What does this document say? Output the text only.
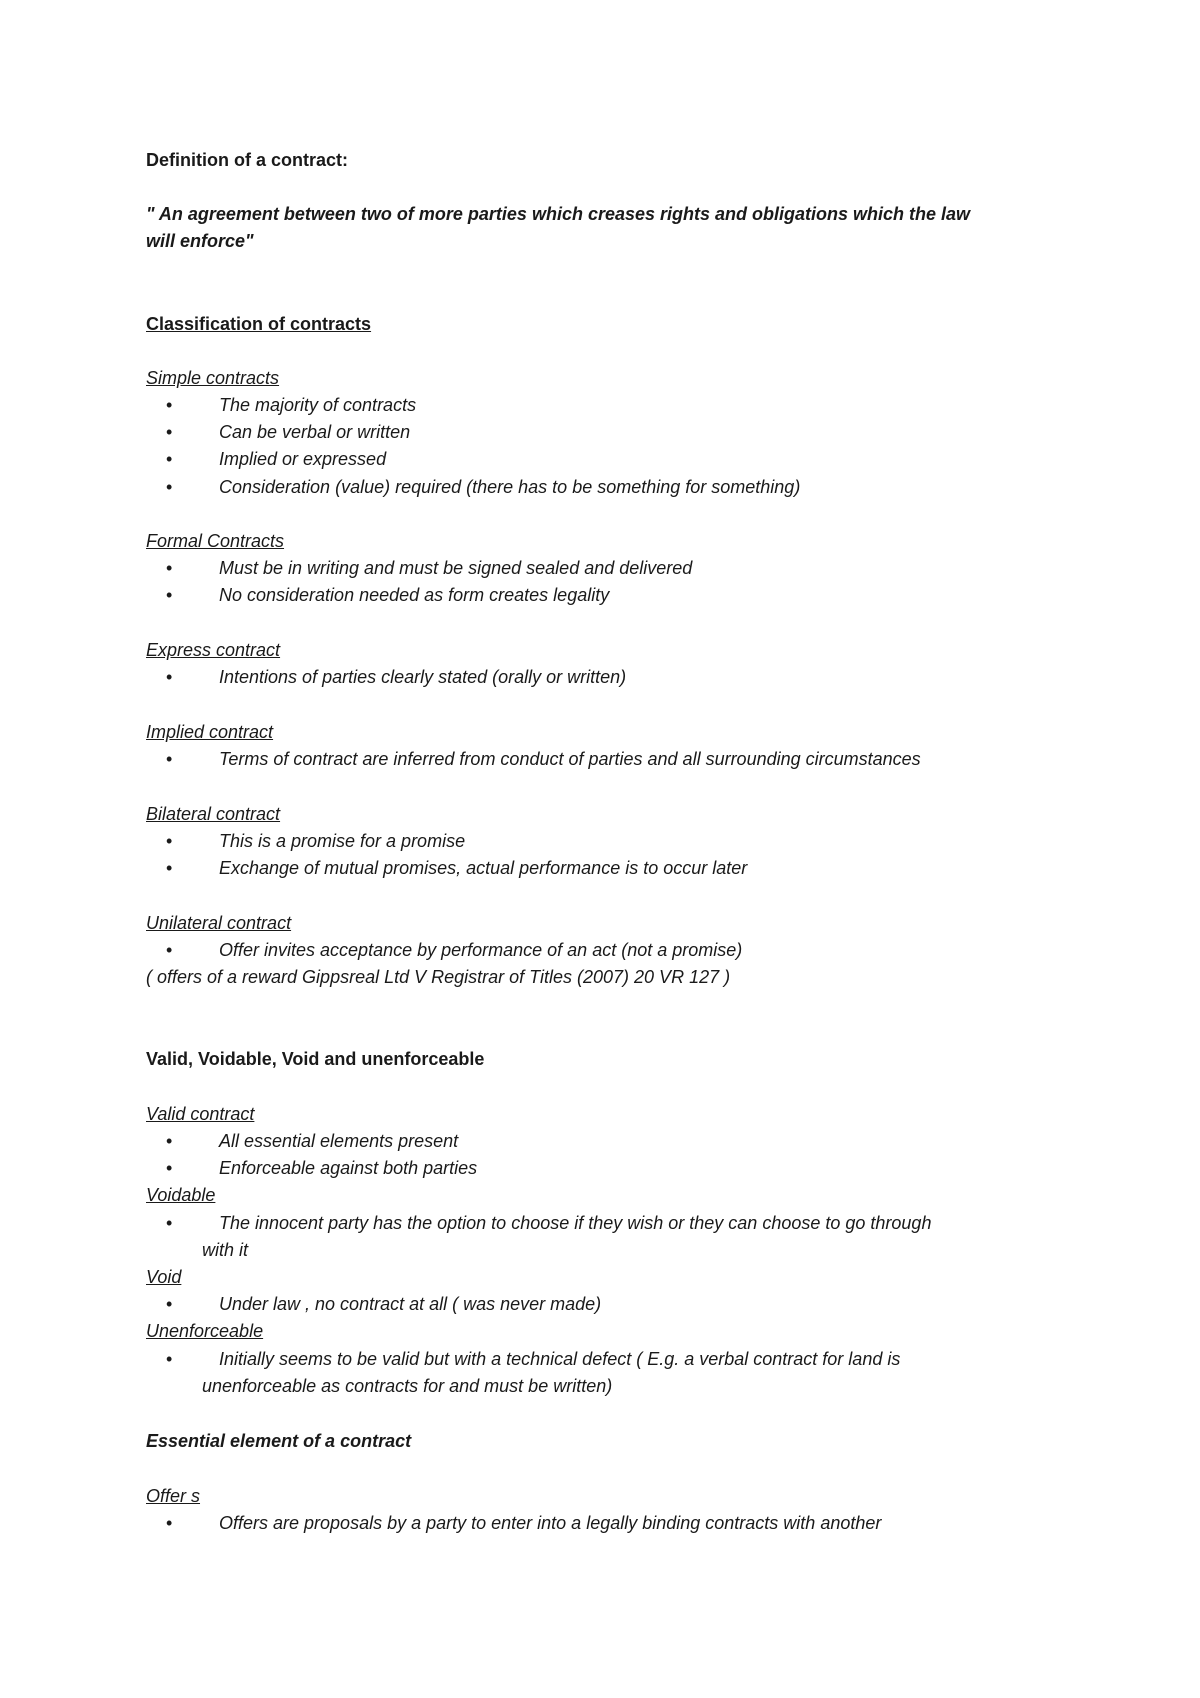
Definition of a contract:
" An agreement between two of more parties which creases rights and obligations which the law
will enforce"
Classification of contracts
Simple contracts
•	The majority of contracts
•	Can be verbal or written
•	Implied or expressed
•	Consideration (value) required (there has to be something for something)
Formal Contracts
•	Must be in writing and must be signed sealed and delivered
•	No consideration needed as form creates legality
Express contract
•	Intentions of parties clearly stated (orally or written)
Implied contract
•	Terms of contract are inferred from conduct of parties and all surrounding circumstances
Bilateral contract
•	This is a promise for a promise
•	Exchange of mutual promises, actual performance is to occur later
Unilateral contract
•	Offer invites acceptance by performance of an act (not a promise)
( offers of a reward Gippsreal Ltd V Registrar of Titles (2007) 20 VR 127 )
Valid, Voidable, Void and unenforceable
Valid contract
•	All essential elements present
•	Enforceable against both parties
Voidable
•	The innocent party has the option to choose if they wish or they can choose to go through
with it
Void
•	Under law , no contract at all ( was never made)
Unenforceable
•	Initially seems to be valid but with a technical defect ( E.g. a verbal contract for land is
unenforceable as contracts for and must be written)
Essential element of a contract
Offer s
•	Offers are proposals by a party to enter into a legally binding contracts with another
